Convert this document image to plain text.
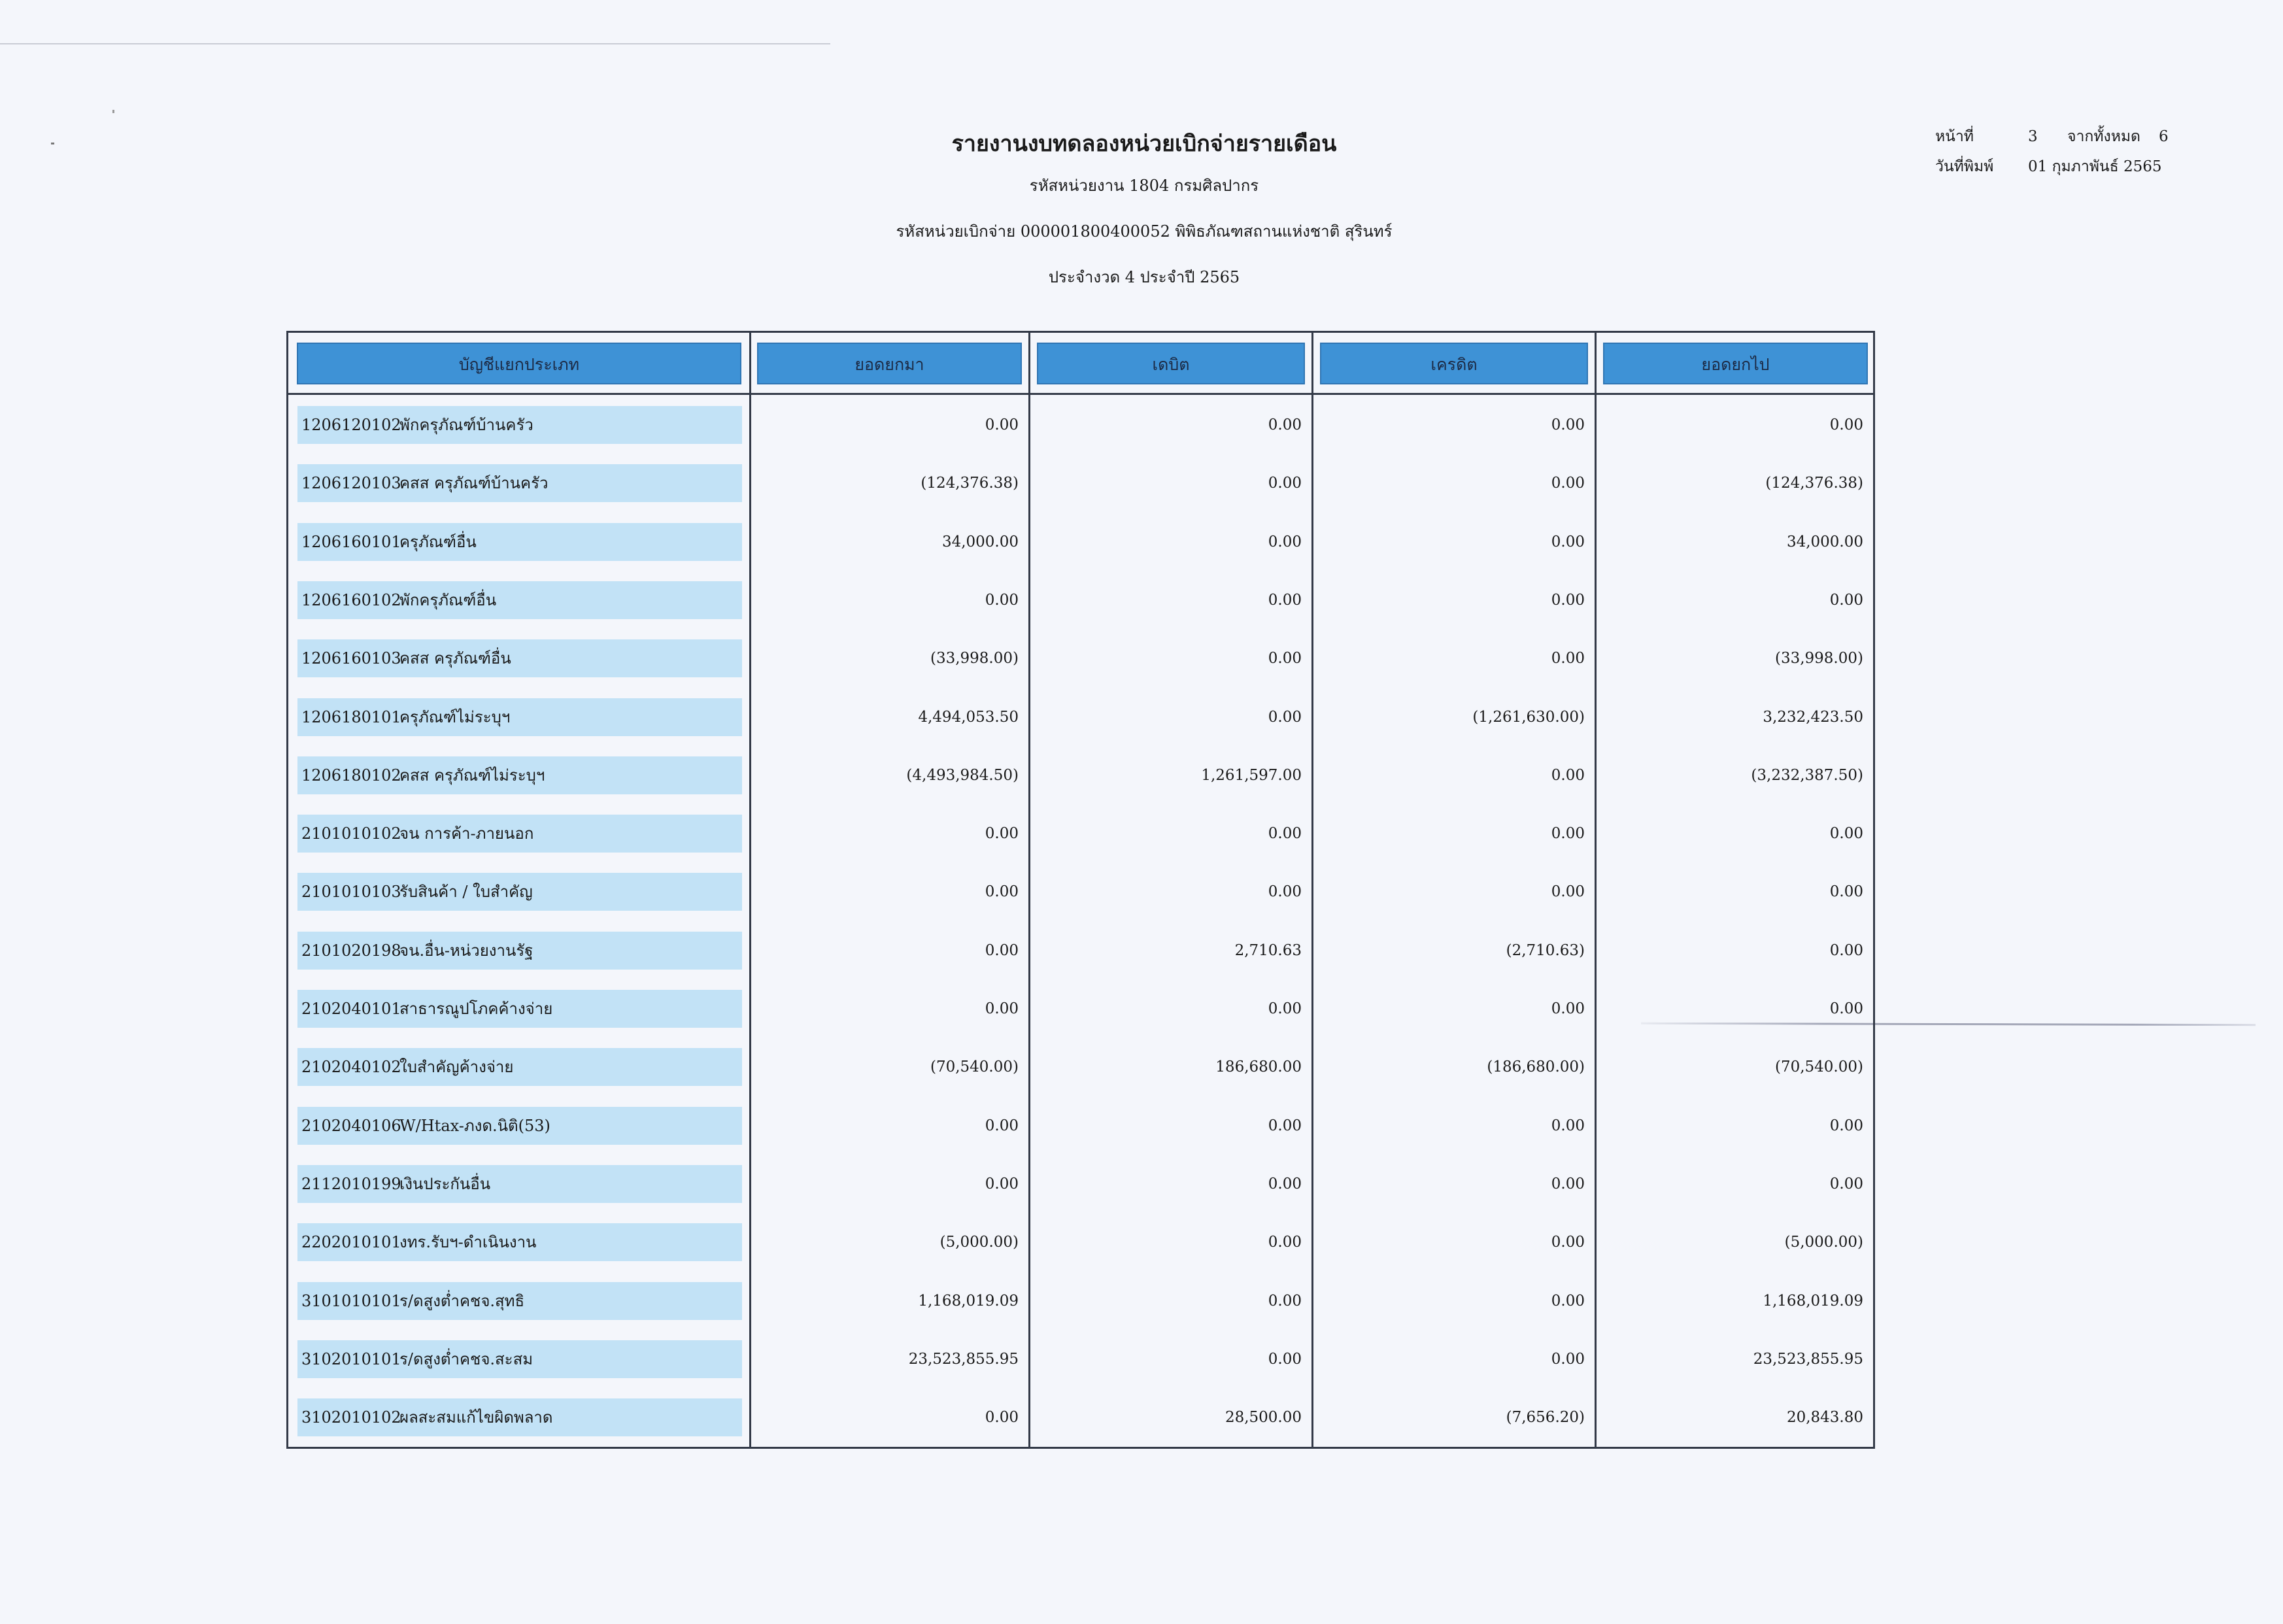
รายงานงบทดลองหน่วยเบิกจ่ายรายเดือน
รหัสหน่วยงาน 1804 กรมศิลปากร
รหัสหน่วยเบิกจ่าย 000001800400052 พิพิธภัณฑสถานแห่งชาติ สุรินทร์
ประจำงวด 4 ประจำปี 2565
หน้าที่	3	จากทั้งหมด	6
วันที่พิมพ์	01 กุมภาพันธ์ 2565
บัญชีแยกประเภท	ยอดยกมา	เดบิต	เครดิต	ยอดยกไป
1206120102พักครุภัณฑ์บ้านครัว	0.00	0.00	0.00	0.00
1206120103คสส ครุภัณฑ์บ้านครัว	(124,376.38)	0.00	0.00	(124,376.38)
1206160101ครุภัณฑ์อื่น	34,000.00	0.00	0.00	34,000.00
1206160102พักครุภัณฑ์อื่น	0.00	0.00	0.00	0.00
1206160103คสส ครุภัณฑ์อื่น	(33,998.00)	0.00	0.00	(33,998.00)
1206180101ครุภัณฑ์ไม่ระบุฯ	4,494,053.50	0.00	(1,261,630.00)	3,232,423.50
1206180102คสส ครุภัณฑ์ไม่ระบุฯ	(4,493,984.50)	1,261,597.00	0.00	(3,232,387.50)
2101010102จน การค้า-ภายนอก	0.00	0.00	0.00	0.00
2101010103รับสินค้า / ใบสำคัญ	0.00	0.00	0.00	0.00
2101020198จน.อื่น-หน่วยงานรัฐ	0.00	2,710.63	(2,710.63)	0.00
2102040101สาธารณูปโภคค้างจ่าย	0.00	0.00	0.00	0.00
2102040102ใบสำคัญค้างจ่าย	(70,540.00)	186,680.00	(186,680.00)	(70,540.00)
2102040106W/Htax-ภงด.นิติ(53)	0.00	0.00	0.00	0.00
2112010199เงินประกันอื่น	0.00	0.00	0.00	0.00
2202010101งทร.รับฯ-ดำเนินงาน	(5,000.00)	0.00	0.00	(5,000.00)
3101010101ร/ดสูงต่ำคชจ.สุทธิ	1,168,019.09	0.00	0.00	1,168,019.09
3102010101ร/ดสูงต่ำคชจ.สะสม	23,523,855.95	0.00	0.00	23,523,855.95
3102010102ผลสะสมแก้ไขผิดพลาด	0.00	28,500.00	(7,656.20)	20,843.80
